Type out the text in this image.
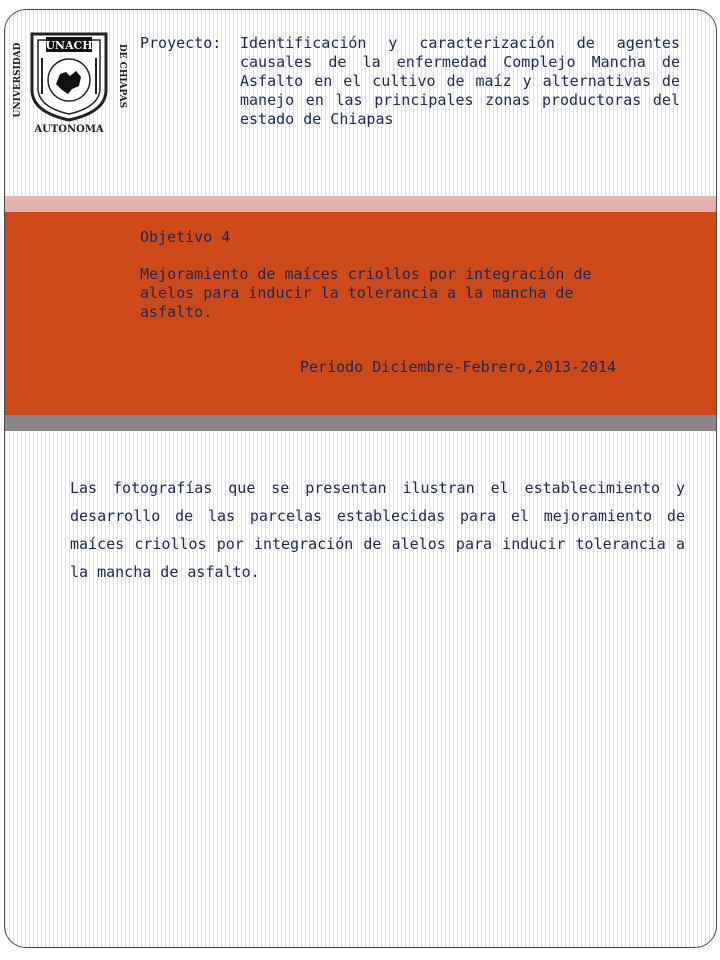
UNIVERSIDAD	DE CHIAPAS
UNACH
AUTONOMA
Proyecto:	Identificación y caracterización de agentes causales de la enfermedad Complejo Mancha de Asfalto en el cultivo de maíz y alternativas de manejo en las principales zonas productoras del estado de Chiapas
Objetivo 4
Mejoramiento de maíces criollos por integración de alelos para inducir la tolerancia a la mancha de asfalto.
Periodo Diciembre-Febrero,2013-2014
Las fotografías que se presentan ilustran el establecimiento y desarrollo de las parcelas establecidas para el mejoramiento de maíces criollos por integración de alelos para inducir tolerancia a la mancha de asfalto.
